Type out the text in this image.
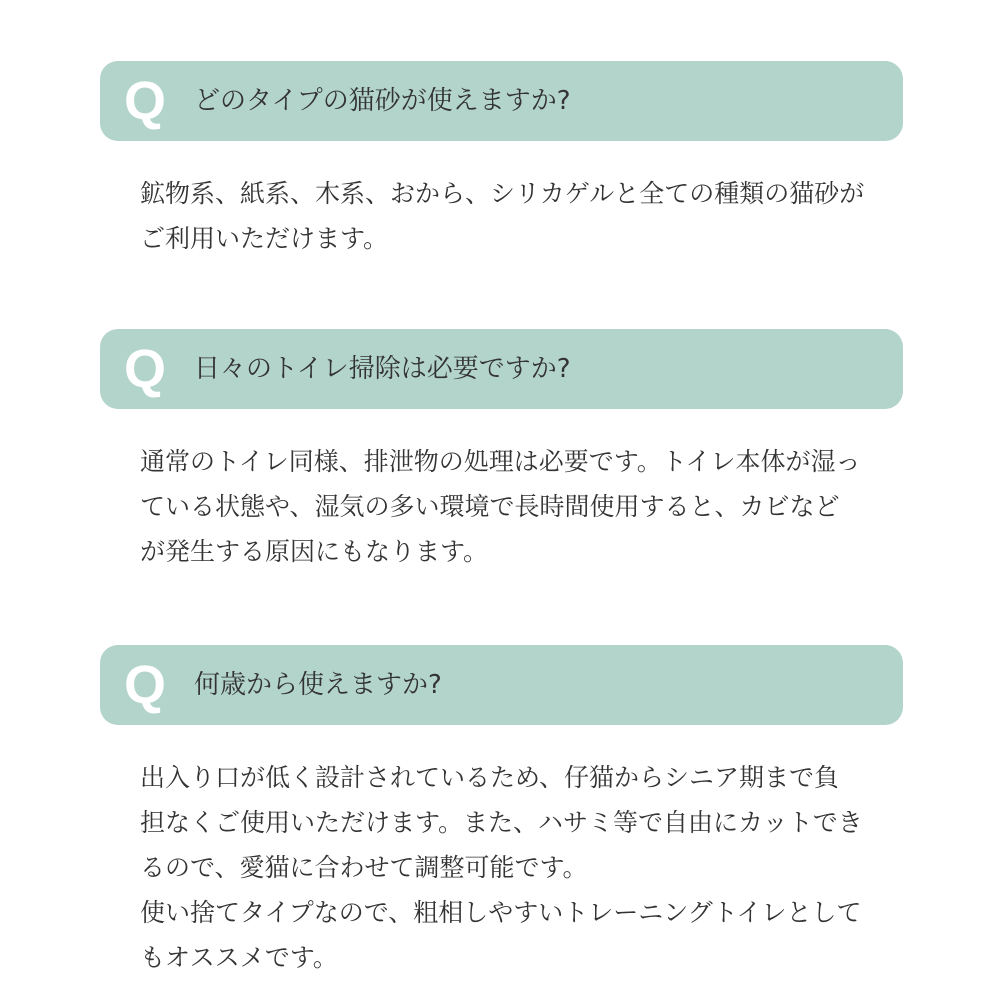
Q どのタイプの猫砂が使えますか?
鉱物系、紙系、木系、おから、シリカゲルと全ての種類の猫砂が
ご利用いただけます。
Q 日々のトイレ掃除は必要ですか?
通常のトイレ同様、排泄物の処理は必要です。トイレ本体が湿っ
ている状態や、湿気の多い環境で長時間使用すると、カビなど
が発生する原因にもなります。
Q 何歳から使えますか?
出入り口が低く設計されているため、仔猫からシニア期まで負
担なくご使用いただけます。また、ハサミ等で自由にカットでき
るので、愛猫に合わせて調整可能です。
使い捨てタイプなので、粗相しやすいトレーニングトイレとして
もオススメです。
